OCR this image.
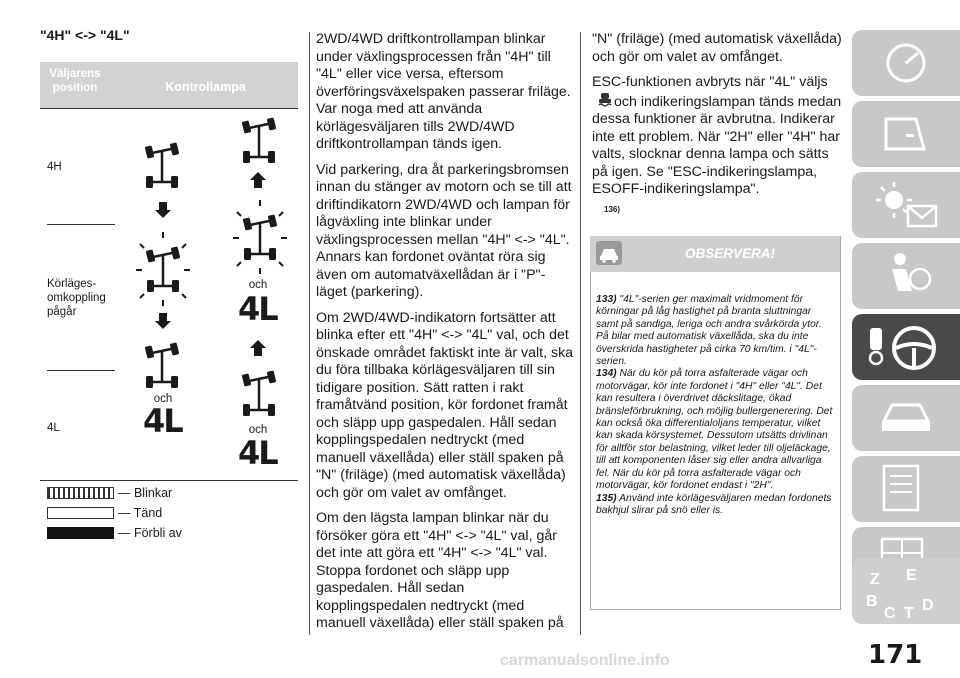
"4H" <-> "4L"
Väljarens position	Kontrollampa
4H
Körläges-
omkoppling
pågår
4L
och
4L
och
4L
och
4L
— Blinkar
— Tänd
— Förbli av

2WD/4WD driftkontrollampan blinkar under växlingsprocessen från "4H" till "4L" eller vice versa, eftersom överföringsväxelspaken passerar friläge. Var noga med att använda körlägesväljaren tills 2WD/4WD driftkontrollampan tänds igen.

Vid parkering, dra åt parkeringsbromsen innan du stänger av motorn och se till att driftindikatorn 2WD/4WD och lampan för lågväxling inte blinkar under växlingsprocessen mellan "4H" <-> "4L". Annars kan fordonet oväntat röra sig även om automatväxellådan är i "P"-läget (parkering).

Om 2WD/4WD-indikatorn fortsätter att blinka efter ett "4H" <-> "4L" val, och det önskade området faktiskt inte är valt, ska du föra tillbaka körlägesväljaren till sin tidigare position. Sätt ratten i rakt framåtvänd position, kör fordonet framåt och släpp upp gaspedalen. Håll sedan kopplingspedalen nedtryckt (med manuell växellåda) eller ställ spaken på "N" (friläge) (med automatisk växellåda) och gör om valet av omfånget.

Om den lägsta lampan blinkar när du försöker göra ett "4H" <-> "4L" val, går det inte att göra ett "4H" <-> "4L" val. Stoppa fordonet och släpp upp gaspedalen. Håll sedan kopplingspedalen nedtryckt (med manuell växellåda) eller ställ spaken på

"N" (friläge) (med automatisk växellåda) och gör om valet av omfånget.

ESC-funktionen avbryts när "4L" väljs
och indikeringslampan tänds medan dessa funktioner är avbrutna. Indikerar inte ett problem. När "2H" eller "4H" har valts, slocknar denna lampa och sätts på igen. Se "ESC-indikeringslampa, ESOFF-indikeringslampa".

136)
OBSERVERA!
133) "4L"-serien ger maximalt vridmoment för körningar på låg hastighet på branta sluttningar samt på sandiga, leriga och andra svårkörda ytor. På bilar med automatisk växellåda, ska du inte överskrida hastigheter på cirka 70 km/tim. i "4L"-serien.
134) När du kör på torra asfalterade vägar och motorvägar, kör inte fordonet i "4H" eller "4L". Det kan resultera i överdrivet däckslitage, ökad bränsleförbrukning, och möjlig bullergenerering. Det kan också öka differentialoljans temperatur, vilket kan skada körsystemet. Dessutom utsätts drivlinan för alltför stor belastning, vilket leder till oljeläckage, till att komponenten låser sig eller andra allvarliga fel. När du kör på torra asfalterade vägar och motorvägar, kör fordonet endast i "2H".
135) Använd inte körlägesväljaren medan fordonets bakhjul slirar på snö eller is.
Z E
B
C T D
171
carmanualsonline.info
